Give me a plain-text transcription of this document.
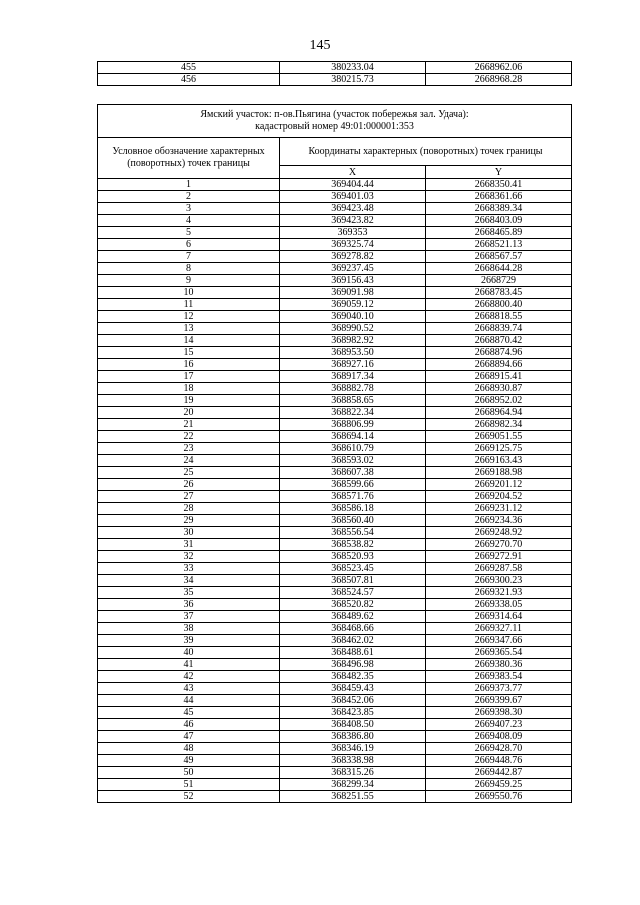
145
455	380233.04	2668962.06
456	380215.73	2668968.28
Ямский участок: п-ов.Пьягина (участок побережья зал. Удача):
кадастровый номер 49:01:000001:353		
Условное обозначение характерных (поворотных) точек границы	Координаты характерных (поворотных) точек границы	
	X	Y
1	369404.44	2668350.41
2	369401.03	2668361.66
3	369423.48	2668389.34
4	369423.82	2668403.09
5	369353	2668465.89
6	369325.74	2668521.13
7	369278.82	2668567.57
8	369237.45	2668644.28
9	369156.43	2668729
10	369091.98	2668783.45
11	369059.12	2668800.40
12	369040.10	2668818.55
13	368990.52	2668839.74
14	368982.92	2668870.42
15	368953.50	2668874.96
16	368927.16	2668894.66
17	368917.34	2668915.41
18	368882.78	2668930.87
19	368858.65	2668952.02
20	368822.34	2668964.94
21	368806.99	2668982.34
22	368694.14	2669051.55
23	368610.79	2669125.75
24	368593.02	2669163.43
25	368607.38	2669188.98
26	368599.66	2669201.12
27	368571.76	2669204.52
28	368586.18	2669231.12
29	368560.40	2669234.36
30	368556.54	2669248.92
31	368538.82	2669270.70
32	368520.93	2669272.91
33	368523.45	2669287.58
34	368507.81	2669300.23
35	368524.57	2669321.93
36	368520.82	2669338.05
37	368489.62	2669314.64
38	368468.66	2669327.11
39	368462.02	2669347.66
40	368488.61	2669365.54
41	368496.98	2669380.36
42	368482.35	2669383.54
43	368459.43	2669373.77
44	368452.06	2669399.67
45	368423.85	2669398.30
46	368408.50	2669407.23
47	368386.80	2669408.09
48	368346.19	2669428.70
49	368338.98	2669448.76
50	368315.26	2669442.87
51	368299.34	2669459.25
52	368251.55	2669550.76
